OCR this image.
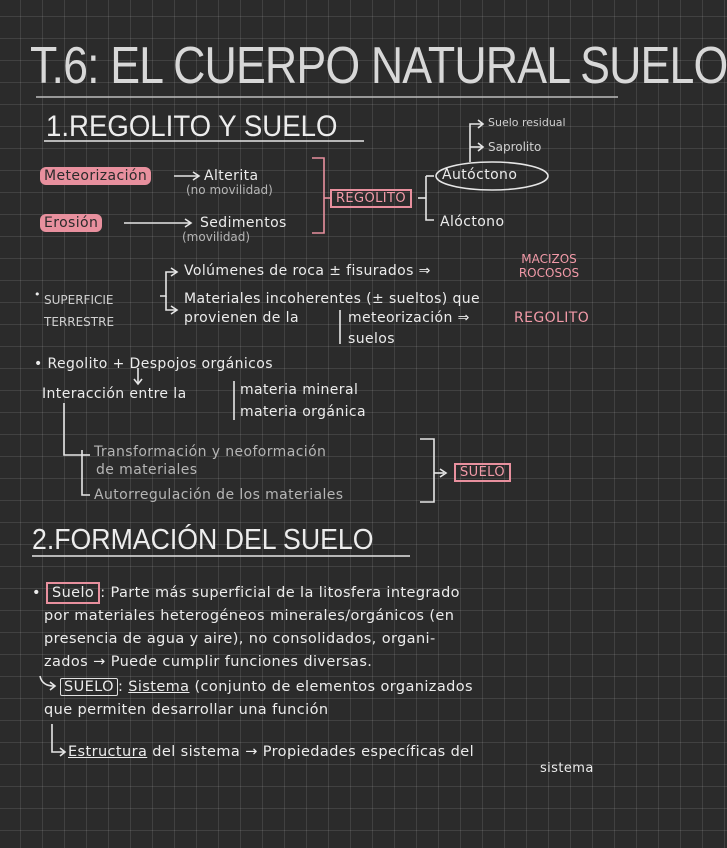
T.6: EL CUERPO NATURAL SUELO
1.REGOLITO Y SUELO
Meteorización	Alterita
(no movilidad)
Erosión	Sedimentos
(movilidad)
REGOLITO
Suelo residual
Saprolito
Autóctono
Alóctono
• SUPERFICIE TERRESTRE
Volúmenes de roca ± fisurados ⇒
MACIZOS ROCOSOS
Materiales incoherentes (± sueltos) que
provienen de la	meteorización ⇒	REGOLITO
suelos
• Regolito + Despojos orgánicos
Interacción entre la	materia mineral
materia orgánica
Transformación y neoformación
de materiales
Autorregulación de los materiales
SUELO
2.FORMACIÓN DEL SUELO
• Suelo : Parte más superficial de la litosfera integrado
por materiales heterogéneos minerales/orgánicos (en
presencia de agua y aire), no consolidados, organi-
zados → Puede cumplir funciones diversas.
SUELO : Sistema (conjunto de elementos organizados
que permiten desarrollar una función
Estructura del sistema → Propiedades específicas del
sistema
